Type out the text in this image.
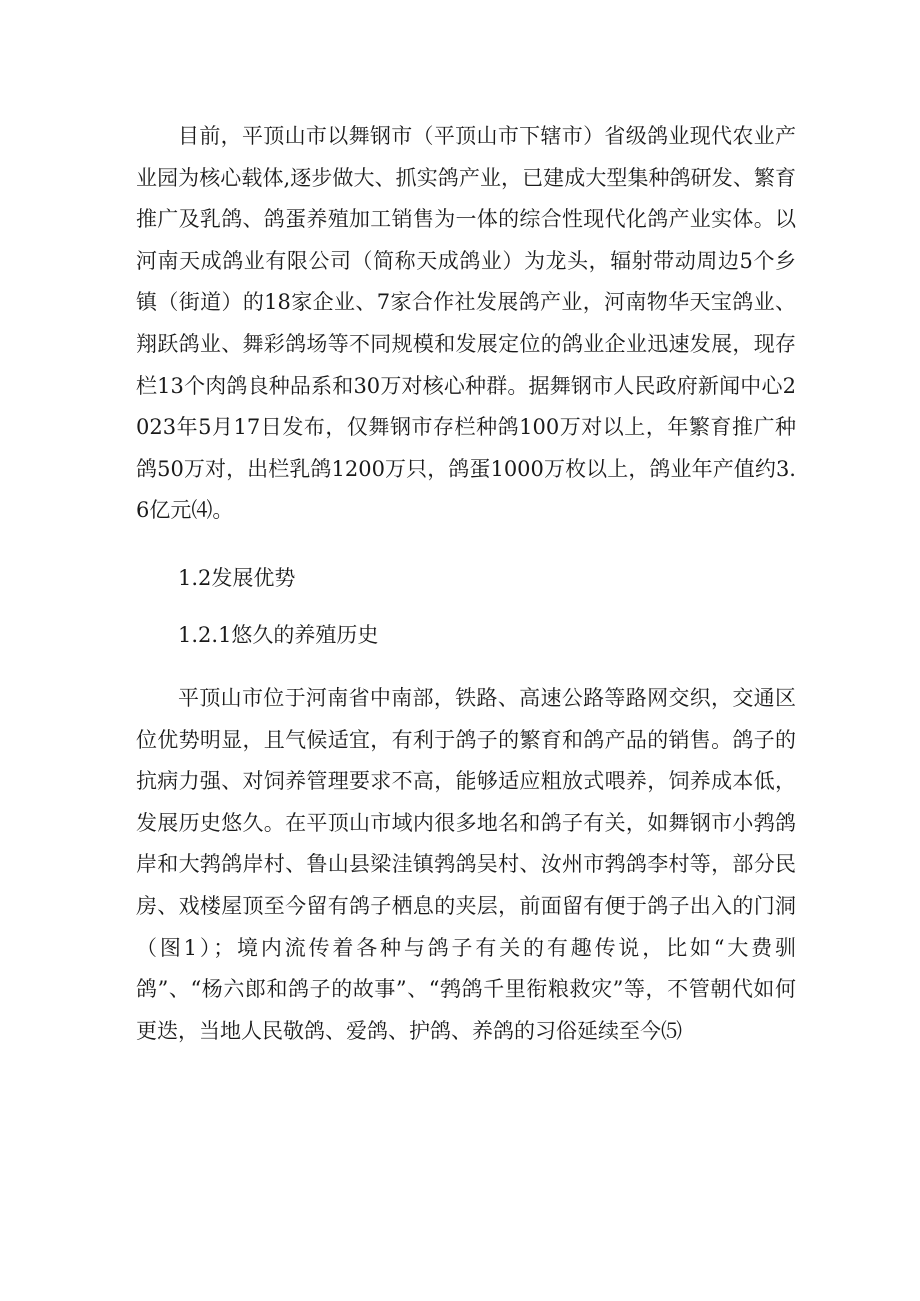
目前，平顶山市以舞钢市（平顶山市下辖市）省级鸽业现代农业产业园为核心载体,逐步做大、抓实鸽产业，已建成大型集种鸽研发、繁育推广及乳鸽、鸽蛋养殖加工销售为一体的综合性现代化鸽产业实体。以河南天成鸽业有限公司（简称天成鸽业）为龙头，辐射带动周边5个乡镇（街道）的18家企业、7家合作社发展鸽产业，河南物华天宝鸽业、翔跃鸽业、舞彩鸽场等不同规模和发展定位的鸽业企业迅速发展，现存栏13个肉鸽良种品系和30万对核心种群。据舞钢市人民政府新闻中心2023年5月17日发布，仅舞钢市存栏种鸽100万对以上，年繁育推广种鸽50万对，出栏乳鸽1200万只，鸽蛋1000万枚以上，鸽业年产值约3.6亿元⑷。

1.2发展优势

1.2.1悠久的养殖历史

平顶山市位于河南省中南部，铁路、高速公路等路网交织，交通区位优势明显，且气候适宜，有利于鸽子的繁育和鸽产品的销售。鸽子的抗病力强、对饲养管理要求不高，能够适应粗放式喂养，饲养成本低，发展历史悠久。在平顶山市域内很多地名和鸽子有关，如舞钢市小鹁鸽岸和大鹁鸽岸村、鲁山县梁洼镇鹁鸽吴村、汝州市鹁鸽李村等，部分民房、戏楼屋顶至今留有鸽子栖息的夹层，前面留有便于鸽子出入的门洞（图1）；境内流传着各种与鸽子有关的有趣传说，比如“大费驯鸽”、“杨六郎和鸽子的故事”、“鹁鸽千里衔粮救灾”等，不管朝代如何更迭，当地人民敬鸽、爱鸽、护鸽、养鸽的习俗延续至今⑸
